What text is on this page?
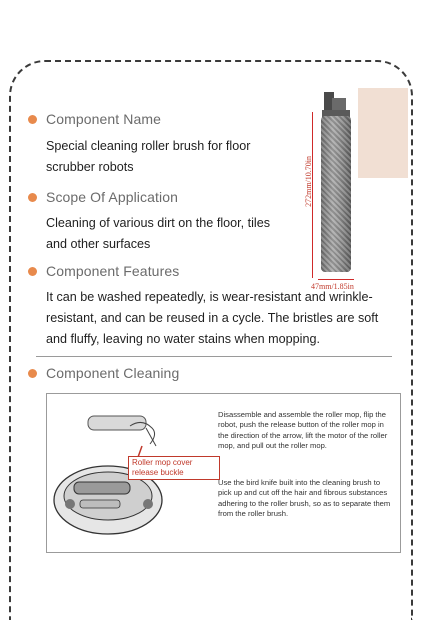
Component Name
Special cleaning roller brush for floor scrubber robots
Scope Of Application
Cleaning of various dirt on the floor, tiles and other surfaces
Component Features
It can be washed repeatedly, is wear-resistant and wrinkle-resistant, and can be reused in a cycle. The bristles are soft and fluffy, leaving no water stains when mopping.
Component Cleaning
272mm/10.70in
47mm/1.85in
Roller mop cover release buckle
Disassemble and assemble the roller mop, flip the robot, push the release button of the roller mop in the direction of the arrow, lift the motor of the roller mop, and pull out the roller mop.
Use the bird knife built into the cleaning brush to pick up and cut off the hair and fibrous substances adhering to the roller brush, so as to separate them from the roller brush.
